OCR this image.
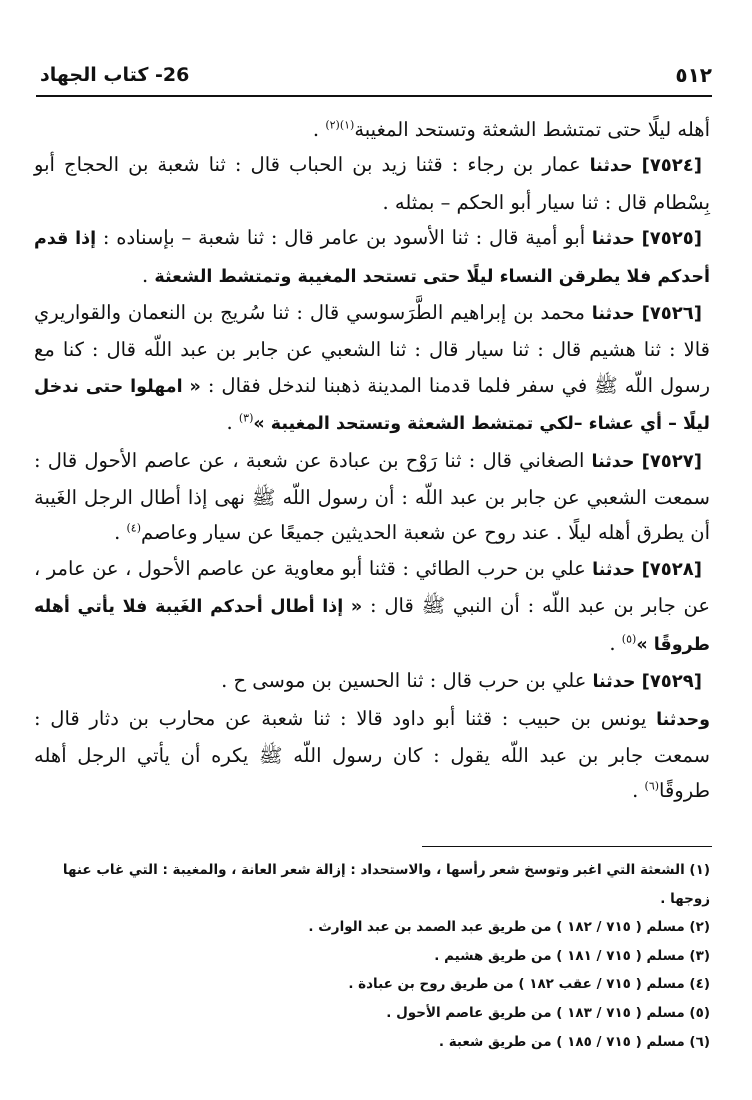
٥١٢
26- كتاب الجهاد

أهله ليلًا حتى تمتشط الشعثة وتستحد المغيبة$^{(١)(٢)}$ .

[٧٥٢٤] حدثنا عمار بن رجاء : قثنا زيد بن الحباب قال : ثنا شعبة بن الحجاج أبو بِسْطام قال : ثنا سيار أبو الحكم – بمثله .

[٧٥٢٥] حدثنا أبو أمية قال : ثنا الأسود بن عامر قال : ثنا شعبة – بإسناده : إذا قدم أحدكم فلا يطرقن النساء ليلًا حتى تستحد المغيبة وتمتشط الشعثة .

[٧٥٢٦] حدثنا محمد بن إبراهيم الطَّرَسوسي قال : ثنا سُريج بن النعمان والقواريري قالا : ثنا هشيم قال : ثنا سيار قال : ثنا الشعبي عن جابر بن عبد اللّه قال : كنا مع رسول اللّه ﷺ في سفر فلما قدمنا المدينة ذهبنا لندخل فقال : « امهلوا حتى ندخل ليلًا – أي عشاء –لكي تمتشط الشعثة وتستحد المغيبة »$^{(٣)}$ .

[٧٥٢٧] حدثنا الصغاني قال : ثنا رَوْح بن عبادة عن شعبة ، عن عاصم الأحول قال : سمعت الشعبي عن جابر بن عبد اللّه : أن رسول اللّه ﷺ نهى إذا أطال الرجل الغَيبة أن يطرق أهله ليلًا . عند روح عن شعبة الحديثين جميعًا عن سيار وعاصم$^{(٤)}$ .

[٧٥٢٨] حدثنا علي بن حرب الطائي : قثنا أبو معاوية عن عاصم الأحول ، عن عامر ، عن جابر بن عبد اللّه : أن النبي ﷺ قال : « إذا أطال أحدكم الغَيبة فلا يأتي أهله طروقًا »$^{(٥)}$ .

[٧٥٢٩] حدثنا علي بن حرب قال : ثنا الحسين بن موسى ح .

وحدثنا يونس بن حبيب : قثنا أبو داود قالا : ثنا شعبة عن محارب بن دثار قال : سمعت جابر بن عبد اللّه يقول : كان رسول اللّه ﷺ يكره أن يأتي الرجل أهله طروقًا$^{(٦)}$ .

(١) الشعثة التي اغبر وتوسخ شعر رأسها ، والاستحداد : إزالة شعر العانة ، والمغيبة : التي غاب عنها زوجها .

(٢) مسلم ( ٧١٥ / ١٨٢ ) من طريق عبد الصمد بن عبد الوارث .

(٣) مسلم ( ٧١٥ / ١٨١ ) من طريق هشيم .

(٤) مسلم ( ٧١٥ / عقب ١٨٢ ) من طريق روح بن عبادة .

(٥) مسلم ( ٧١٥ / ١٨٣ ) من طريق عاصم الأحول .

(٦) مسلم ( ٧١٥ / ١٨٥ ) من طريق شعبة .
